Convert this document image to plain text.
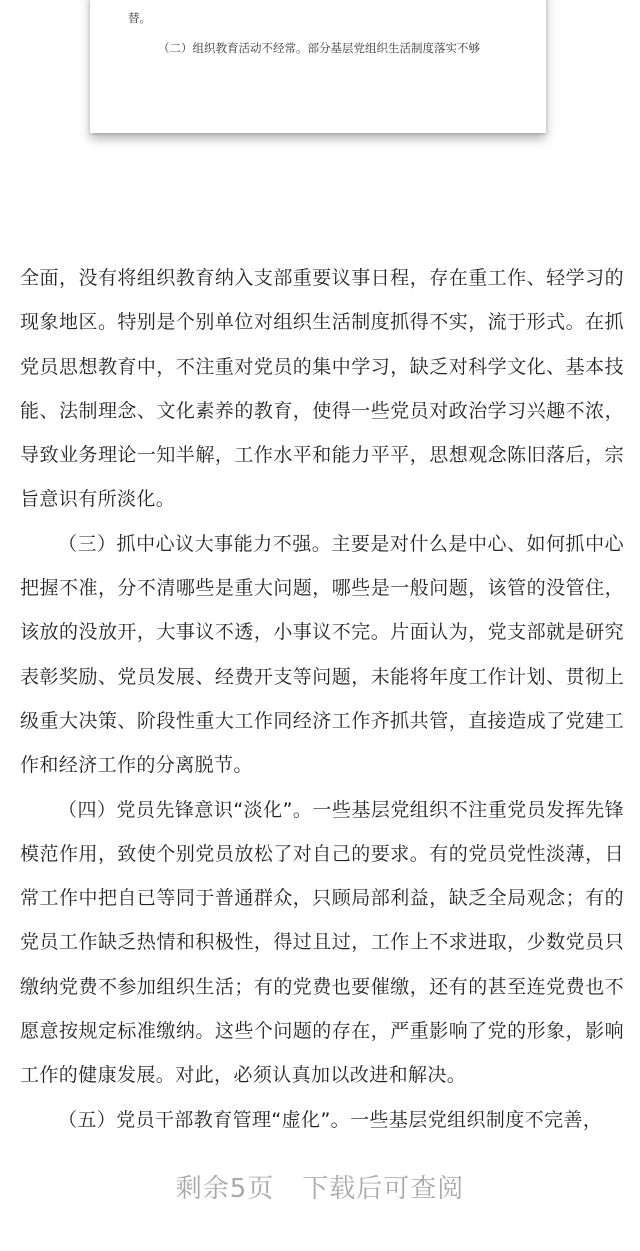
替。
（二）组织教育活动不经常。部分基层党组织生活制度落实不够

全面，没有将组织教育纳入支部重要议事日程，存在重工作、轻学习的现象地区。特别是个别单位对组织生活制度抓得不实，流于形式。在抓党员思想教育中，不注重对党员的集中学习，缺乏对科学文化、基本技能、法制理念、文化素养的教育，使得一些党员对政治学习兴趣不浓，导致业务理论一知半解，工作水平和能力平平，思想观念陈旧落后，宗旨意识有所淡化。

（三）抓中心议大事能力不强。主要是对什么是中心、如何抓中心把握不准，分不清哪些是重大问题，哪些是一般问题，该管的没管住，该放的没放开，大事议不透，小事议不完。片面认为，党支部就是研究表彰奖励、党员发展、经费开支等问题，未能将年度工作计划、贯彻上级重大决策、阶段性重大工作同经济工作齐抓共管，直接造成了党建工作和经济工作的分离脱节。

（四）党员先锋意识“淡化”。一些基层党组织不注重党员发挥先锋模范作用，致使个别党员放松了对自己的要求。有的党员党性淡薄，日常工作中把自已等同于普通群众，只顾局部利益，缺乏全局观念；有的党员工作缺乏热情和积极性，得过且过，工作上不求进取，少数党员只缴纳党费不参加组织生活；有的党费也要催缴，还有的甚至连党费也不愿意按规定标准缴纳。这些个问题的存在，严重影响了党的形象，影响工作的健康发展。对此，必须认真加以改进和解决。

（五）党员干部教育管理“虚化”。一些基层党组织制度不完善，

剩余5页 下载后可查阅
